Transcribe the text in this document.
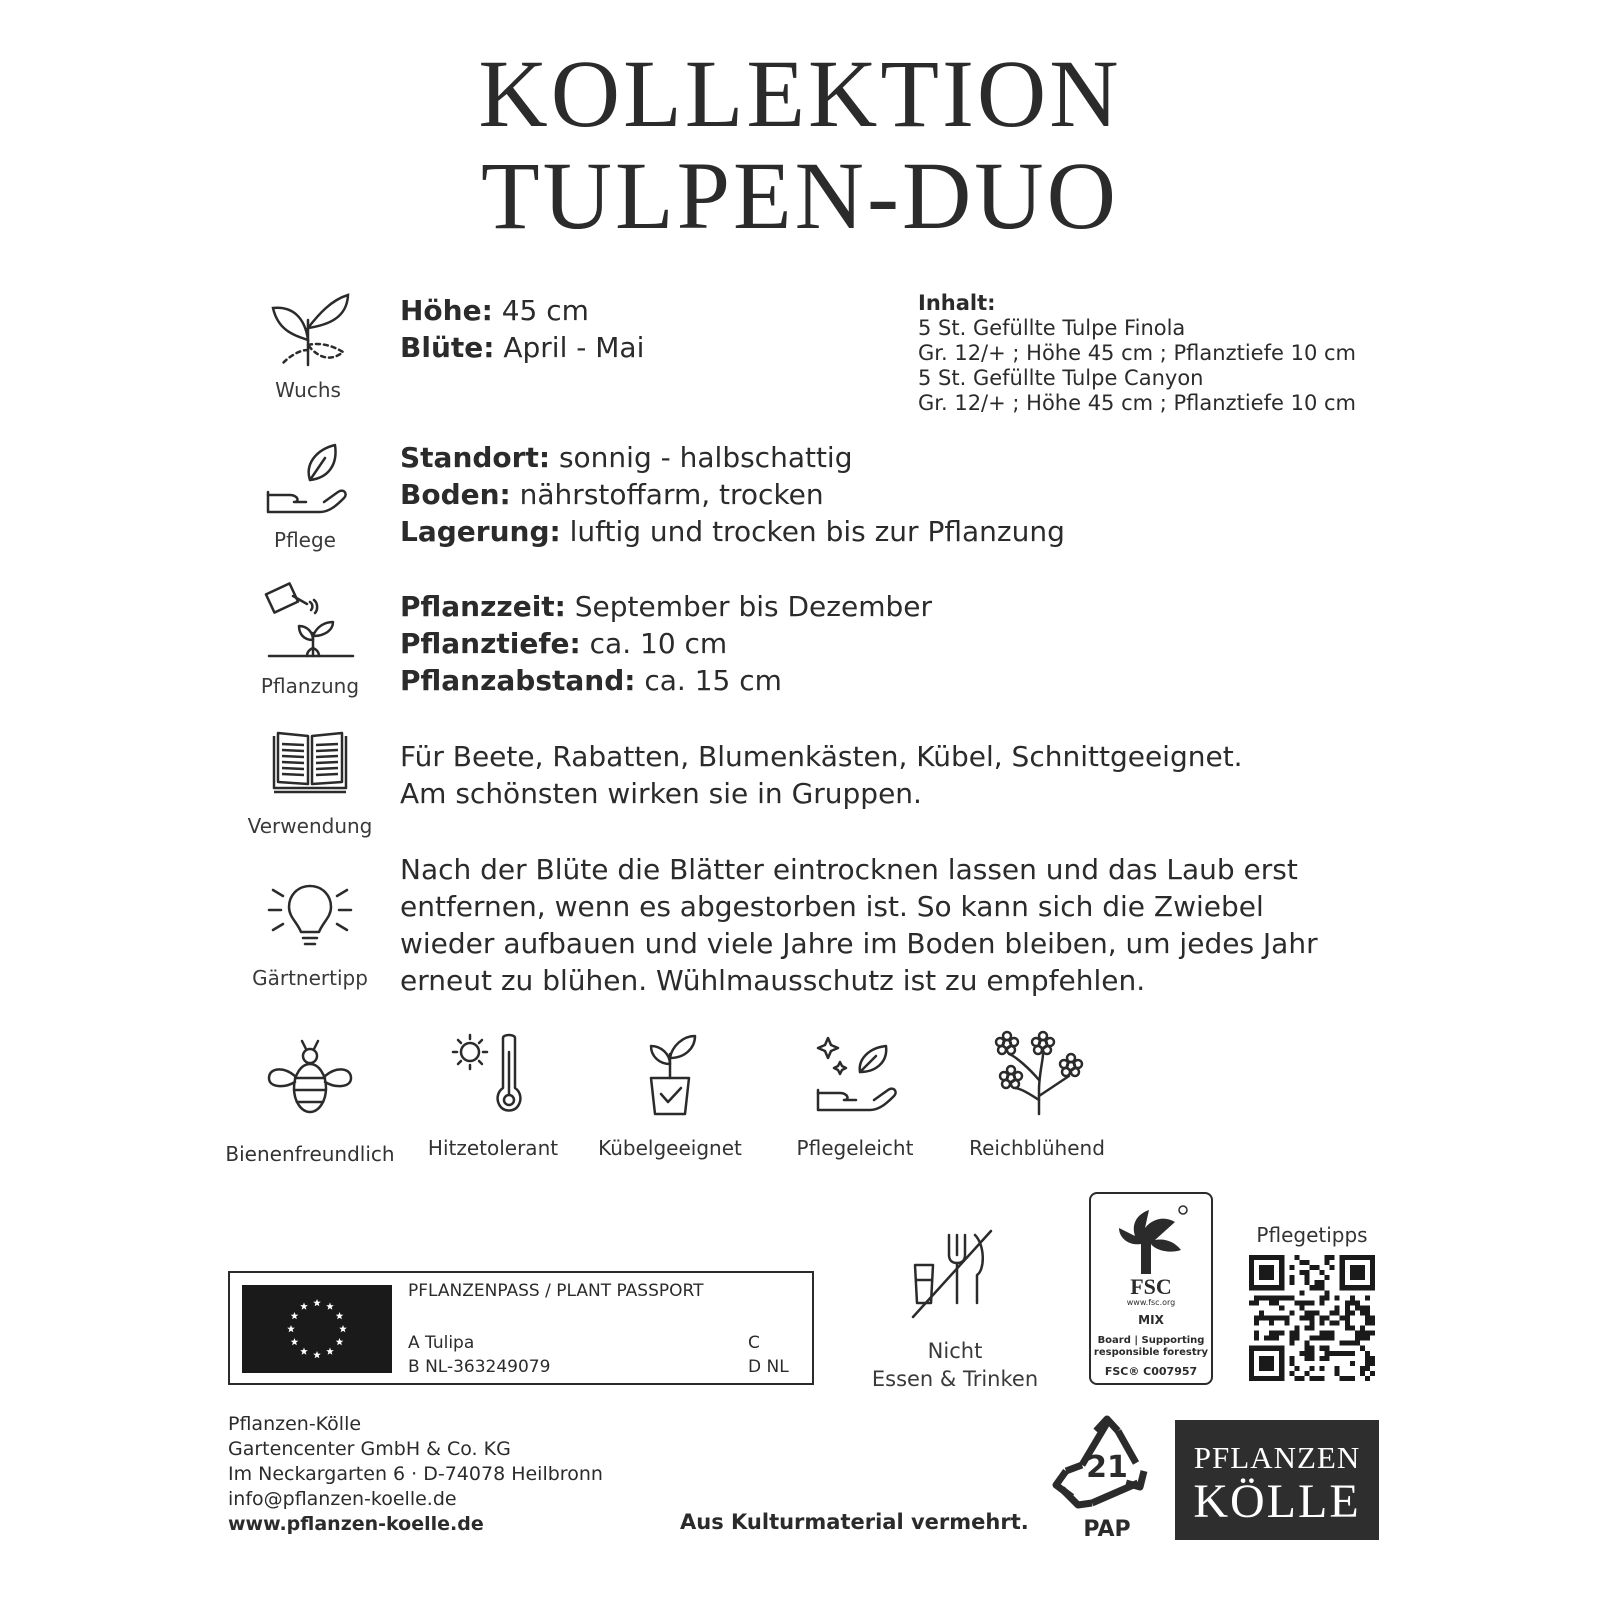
KOLLEKTION
TULPEN-DUO
Wuchs
Höhe: 45 cm
Blüte: April - Mai
Inhalt:
5 St. Gefüllte Tulpe Finola
Gr. 12/+ ; Höhe 45 cm ; Pflanztiefe 10 cm
5 St. Gefüllte Tulpe Canyon
Gr. 12/+ ; Höhe 45 cm ; Pflanztiefe 10 cm
Pflege
Standort: sonnig - halbschattig
Boden: nährstoffarm, trocken
Lagerung: luftig und trocken bis zur Pflanzung
Pflanzung
Pflanzzeit: September bis Dezember
Pflanztiefe: ca. 10 cm
Pflanzabstand: ca. 15 cm
Verwendung
Für Beete, Rabatten, Blumenkästen, Kübel, Schnittgeeignet.
Am schönsten wirken sie in Gruppen.
Gärtnertipp
Nach der Blüte die Blätter eintrocknen lassen und das Laub erst
entfernen, wenn es abgestorben ist. So kann sich die Zwiebel
wieder aufbauen und viele Jahre im Boden bleiben, um jedes Jahr
erneut zu blühen. Wühlmausschutz ist zu empfehlen.
Bienenfreundlich	Hitzetolerant	Kübelgeeignet	Pflegeleicht	Reichblühend
PFLANZENPASS / PLANT PASSPORT
A Tulipa
B NL-363249079
C
D NL
Nicht
Essen & Trinken
FSC
www.fsc.org
MIX
Board | Supporting
responsible forestry
FSC® C007957
Pflegetipps
Pflanzen-Kölle
Gartencenter GmbH & Co. KG
Im Neckargarten 6 · D-74078 Heilbronn
info@pflanzen-koelle.de
www.pflanzen-koelle.de	Aus Kulturmaterial vermehrt.
21
PAP
PFLANZEN
KÖLLE
